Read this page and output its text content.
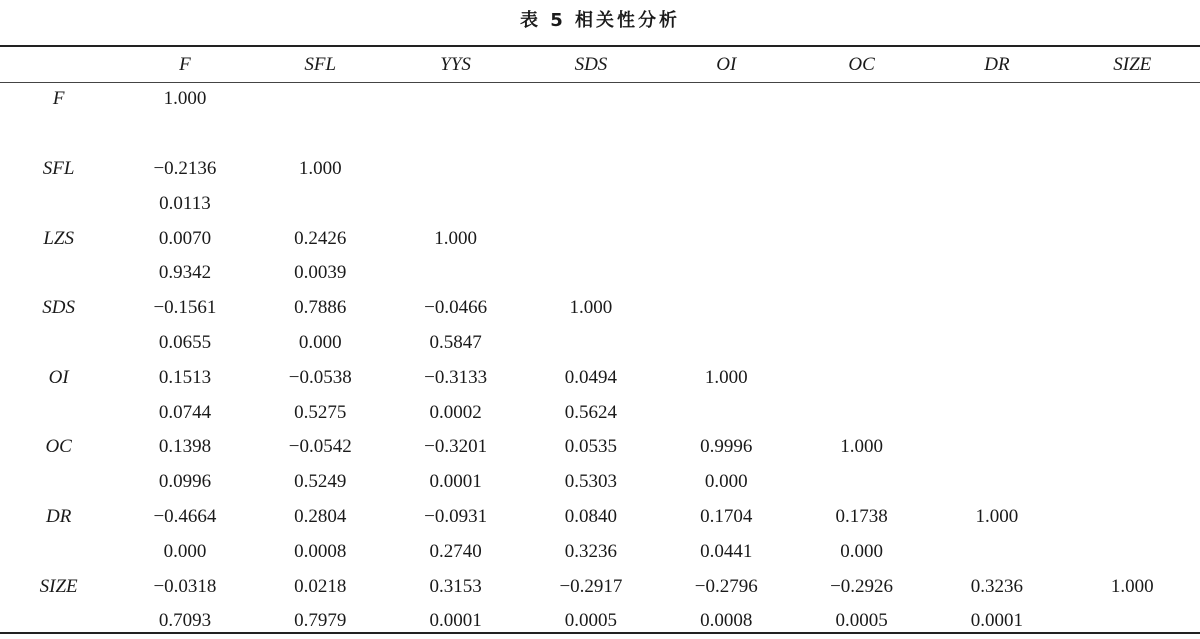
表 5 相关性分析
	F	SFL	YYS	SDS	OI	OC	DR	SIZE
F	1.000							

SFL	−0.2136	1.000						
	0.0113							
LZS	0.0070	0.2426	1.000					
	0.9342	0.0039						
SDS	−0.1561	0.7886	−0.0466	1.000				
	0.0655	0.000	0.5847					
OI	0.1513	−0.0538	−0.3133	0.0494	1.000			
	0.0744	0.5275	0.0002	0.5624				
OC	0.1398	−0.0542	−0.3201	0.0535	0.9996	1.000		
	0.0996	0.5249	0.0001	0.5303	0.000			
DR	−0.4664	0.2804	−0.0931	0.0840	0.1704	0.1738	1.000	
	0.000	0.0008	0.2740	0.3236	0.0441	0.000		
SIZE	−0.0318	0.0218	0.3153	−0.2917	−0.2796	−0.2926	0.3236	1.000
	0.7093	0.7979	0.0001	0.0005	0.0008	0.0005	0.0001	
